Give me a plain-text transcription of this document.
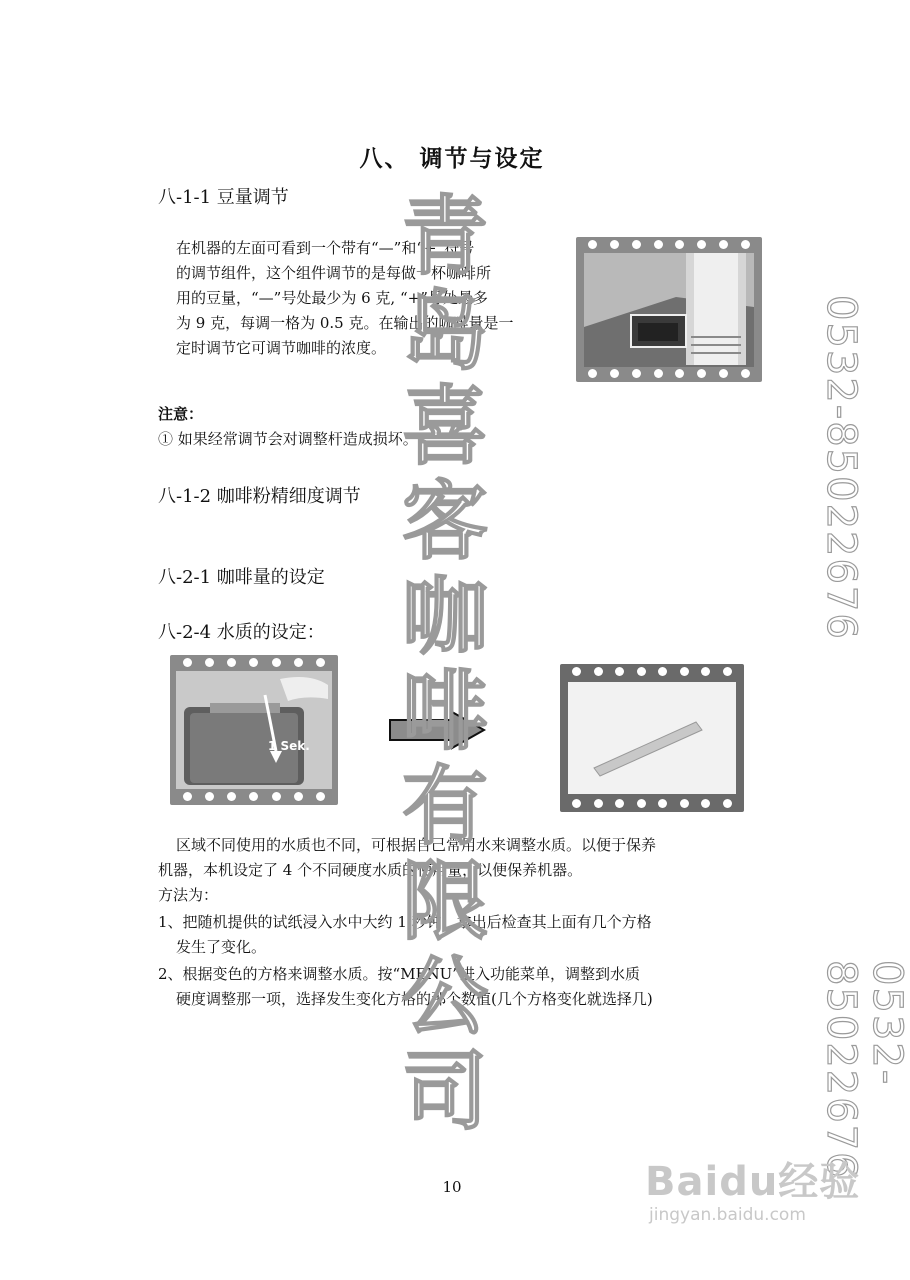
八、 调节与设定
八-1-1 豆量调节
在机器的左面可看到一个带有“—”和“+”符号
的调节组件，这个组件调节的是每做一杯咖啡所
用的豆量，“—”号处最少为 6 克, “+”号处最多
为 9 克，每调一格为 0.5 克。在输出的咖啡量是一
定时调节它可调节咖啡的浓度。
注意：
① 如果经常调节会对调整杆造成损坏。
八-1-2 咖啡粉精细度调节
八-2-1 咖啡量的设定
八-2-4 水质的设定：
1 Sek.
区域不同使用的水质也不同，可根据自己常用水来调整水质。以便于保养
机器，本机设定了 4 个不同硬度水质的使用量，以便保养机器。
方法为：
1、把随机提供的试纸浸入水中大约 1 秒钟，拿出后检查其上面有几个方格
发生了变化。
2、根据变色的方格来调整水质。按“MENU”进入功能菜单，调整到水质
硬度调整那一项，选择发生变化方格的那个数值(几个方格变化就选择几)
青岛喜客咖啡有限公司
0532-85022676
0532-85022676
10	Baidu经验
jingyan.baidu.com
